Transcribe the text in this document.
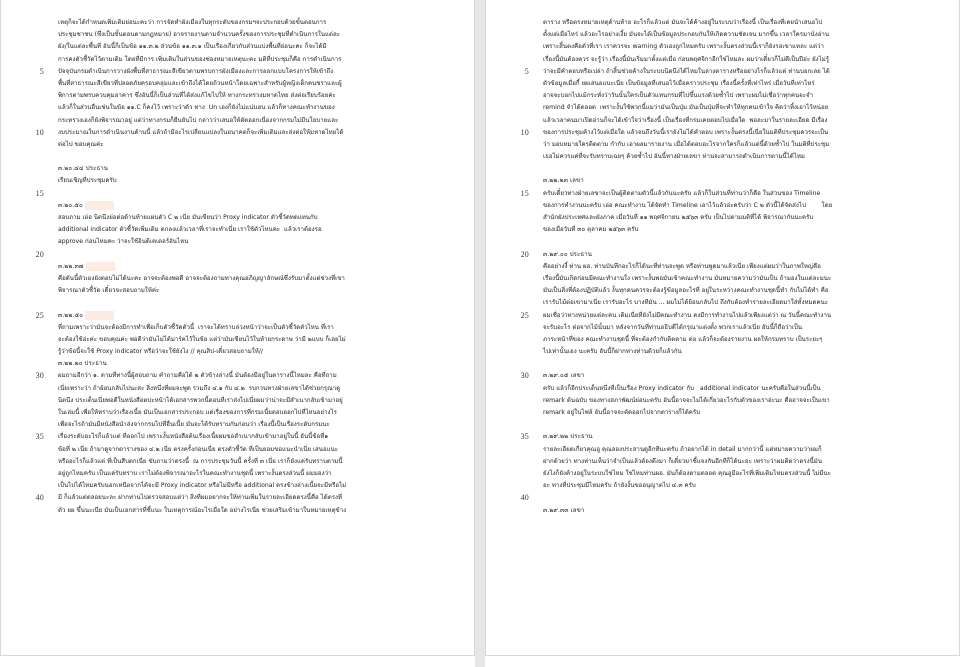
เหตุก็จะได้กำหนดเพิ่มเติมย่อนะคะว่า การจัดทำผังเมืองในทุกระดับของกรมฯจะประกอบด้วยขั้นตอนการ
ประชุมชาชน (ซึ่งเป็นขั้นตอนตามกฎหมาย) อาจรายงานตามจำนวนครั้งของการประชุมที่ดำเนินการในแต่ละ
ผัง/ในแต่ละพื้นที่ อันนี้ก็เป็นข้อ ๑๑.๓.๒ ส่วนข้อ ๑๑.๓.๑ เป็นเรื่องเกี่ยวกับส่วนแบ่งพื้นที่ย่อนะคะ ก็จะได้มี
การคงตัวชี้วัดไว้ตามเดิม โดยที่มีการ เพิ่มเติมในส่วนของช่องหมายเหตุนะคะ มติที่ประชุมก็คือ การดำเนินการ
5 ปัจจุบันกรมดำเนินการวางผังพื้นที่สาธารณะสีเขียวตามพรบการผังเมืองและการออกแบบโครงการให้เข้าถึง
พื้นที่สาธารณะสีเขียวที่ปลอดภัยครอบคลุมและเข้าถึงได้โดยถ้วนหน้าโดยเฉพาะสำหรับผู้หญิงเด็กคนชราและผู้
พิการตามพรบควบคุมอาคาร ซึ่งอันนี้ก็เป็นส่วนที่ได้ส่งแก้ไขไปให้ ทางกระทรวงมหาดไทย ส่งต่อเรียบร้อยค่ะ
แล้วก็ในส่วนอื่นเช่นในข้อ ๑๑.C ก็คงไว้ เพราะว่าตัว ทาง  Un เองก็ยังไม่แน่นอน แล้วก็ทางคณะทำงานของ
กระทรวงเองก็ยังพิจารณาอยู่ แต่ว่าทางกรมก็ยืนยันไป กล่าวว่าเสนอให้ตัดออกเนื่องจากกรมไม่มีนโยบายและ
10 งบประมาณในการดำเนินงานด้านนี้ แล้วถ้ามีอะไรเปลี่ยนแปลงในอนาคตก็จะเพิ่มเติมและส่งต่อให้มหาดไทยได้
ต่อไป ขอบคุณค่ะ
๓.๒๐.๔๔ ประธาน
เรียนเชิญที่ประชุมครับ
15
๓.๒๐.๕๐
สอบถาม เอ่อ นิดนึงย่อต่อด้านท้ายแผ่นตัว C ๒ เนี่ย มันเขียนว่า Proxy indicator ตัวชี้วัดทดแทนกับ
additional indicator ตัวชี้วัดเพิ่มเติม ตกลงแล้วเวลาที่เราจะทำเนี่ย เราใช้ตัวไหนคะ  แล้วเราต้องรอ
approve ก่อนไหมคะ ว่าจะใช้อินดิเคเตอร์อันไหน
20
๓.๒๒.๓๗
คือดันนี้ตัวเองยังตอบไม่ได้นะคะ อาจจะต้องพอดี อาจจะต้องถามทางคุณอภิญญาลักษณ์ซึ่งรับมาตั้งแต่ช่วงที่เขา
พิจารณาตัวชี้วัด เดี๋ยวจะสอบถามให้ค่ะ
25 ๓.๒๒.๕๐
ที่ถามเพราะว่ามันจะต้องมีการทำเพื่อเก็บตัวชี้วัดตัวนี้  เราจะได้ทราบล่วงหน้าว่าจะเป็นตัวชี้วัดตัวไหน ที่เรา
จะต้องใช้อ่ะค่ะ ขอบคุณค่ะ พอดีว่ามันไม่ได้มาร์คไว้ในข้อ แต่ว่ามันเขียนไว้ในท้ายกระดาษ ว่ามี ๒แบบ ก็เลยไม่
รู้ว่าข้อนี้จะใช้ Proxy indicator หรือว่าจะใช้ยังไง // คุณสิป-เดี๋ยวสอบถามให้//
๓.๒๒.๒๐ ประธาน
30 ผมถามอีกว่า ๑. ตามที่ทางนี้ผู้สอบถาม คำถามคือได้ ๒ ตัวข้างล่างนี้ มันต้องมีอยู่ในตารางนี้ไหมละ คือที่ถาม
เนี่ยเพราะว่า ถ้าย้อนกลับไปนะสะ สิ่งหนึ่งที่ผมจะพูด รวมถึง ๔.๑ กับ ๔.๒  รบกวนทางฝ่ายเลขาได้ช่วยกรุณาดู
นิดนึง ประเด็นเนี่ยพอดีในหนังสือตปะหน้าได้เอกสารพวกนี้ตอนที่เราส่งไปเนี่ยผมว่าน่าจะมีสำเนากลับเข้ามาอยู่
ในเล่มนี้ เพื่อให้ทราบว่าเรื่องเนี้ย มันเป็นเอกสารประกอบ แต่เรื่องของการที่กรมเนี้ยตอบออกไปที่ไหนอย่างไร
เพื่อจะไรถ้ามันมีหนังสือนำส่งจากกรมไปที่อื่นเนี้ย มันจะได้รับทราบกันก่อนว่า เรื่องนี้เป็นเรื่องระดับกรมนะ
35 เรื่องระดับอะไรก็แล้วแต่ ที่ออกไป เพราะงั้นหนังสือต้นเรื่องเนี้ยผมขอสำเนากลับเข้ามาอยู่ในนี้ อันนี้ข้อที่๑
ข้อที่ ๒ เนี่ย ถ้ามาดูจากตารางของ ๔.๒ เนี่ย ตรงครั้งก่อนเนี่ย ตรงตัวชี้วัด ที่เป็นยอมขอแนะนำเนี่ย เสนอแนะ
หรืออะไรก็แล้วแต่ ที่เป็นสืบตกเนี่ย ขับถามว่าตรงนี้  ณ การประชุมวันนี้ ครั้งที่ ๓ เนี่ย เราก็ยังแค่รับทราบตามนี้
อยู่ถูกไหมครับ เป็นแค่รับทราบ เราไม่ต้องพิจารณาอะไรในคณะทำงานชุดนี้ เพราะงั้นตรงส่วนนี้ ผมมองว่า
เป็นไปได้ไหมครับนอกเหนือจากได้จะมี Proxy indicator หรือไม่มีหรือ additional ตรงข้างล่างเนี้ยจะมีหรือไม่
40 มี ก็แล้วแต่ตลอยนะละ ฝากท่านไปตรวจสอบแต่ว่า สิ่งที่ผมอยากจะให้ท่านเพิ่มในรายละเอียดตรงนี้คือ ได้ตรงที่
ตัว ยผ ขึ้นนะเนี่ย มันเป็นเอกสารที่ชี้แนะ ในเหตุการณ์อะไรเมื่อใด อย่างไรเนี่ย ช่วยเสริมเข้ามาในหมายเหตุข้าง
ตาราง หรือตรงหมายเหตุด้านท้าย อะไรก็แล้วแต่ มันจะได้ค้างอยู่ในระบบว่าเรื่องนี้ เป็นเรื่องที่เคยนำเสนอไป
ตั้งแต่เมื่อไหร่ แล้วอะไรอย่างเงี้ย มันจะได้เป็นข้อมูลประกอบกันให้เกิดความชัดเจน มากขึ้น เวลาใครมานั่งอ่าน
เพราะสิ้นตงคือตัวที่เรา เราควรจะ warning ตัวเองถูกไหมครับ เพราะงั้นตรงส่วนนี้เราก็ยังรอเขาแหละ แต่ว่า
เรื่องนี้มันต้องควร จะรู้ว่า เรื่องนี้มันเริ่มมาตั้งแต่เมื่อ ก่อนพฤศจิกาอีกใช่ไหมละ ผมว่าเดี๋ยวก็ไม่ดีเป็นปีอ่ะ ยังไม่รู้
5 ว่าจะมีคำตอบหรือเปล่า ถ้าสิ้นช่วยค้างในระบบนิดนึงได้ไหมในล่างตารางหรืออย่างไรก็แล้วแต่ ท่านบอกเลย ได้
ตัวข้อมูลเมื่อกี้ ยผเสนอแนะเนี่ย เป็นข้อมูลที่เสนอไว้เมื่อคราวประชุม เรื่องนี้ครั้งที่เท่าไหร่ เมื่อวันที่เท่าไหร่
อาจจะบอกไปแม้กระทั่งว่าวันนั้นใครเป็นตัวแทนกรมที่ไปขึ้นแรงด้วยซ้ำไป เพราะผมไม่เชื่อว่าทุกคนจะจำ
remind จำได้ตลอด  เพราะงั้นใช้พวกนี้แมว่ามันเป็นปุ่ม มันเป็นปุ่มที่จะทำให้ทุกคนเข้าใจ คิดว่าทิ้งเอาไว้หน่อย
แล้วเวลาคนมาเปิดอ่านก็จะได้เข้าใจว่าเรื่องนี้ เป็นเรื่องที่กรมเคยตอบไปเมื่อใด  พอละมาในรายละเอียด มีเรื่อง
10 ของการประชุมค้างไว้แต่เมื่อใด แล้วจนถึงวันนี้เรายังไม่ได้คำตอบ เพราะงั้นตรงนี้เนี่ยในมติที่ประชุมควรจะเป็น
ว่า มอบหมายใครติดตาม กำกับ เอาผลมารายงาน เมื่อได้ตอบอะไรจากใครก็แล้วแต่นี้ด้วยซ้ำไป ในมติที่ประชุม
เธอไม่ควรแค่ที่จะรับทราบเฉยๆ ด้วยซ้ำไป อันนี้ทางฝ่ายเลขา ท่านจะสามารถดำเนินการตามนี้ได้ไหม
๓.๒๒.๒๓ เลขา
15 ครับเดี๋ยวทางฝ่ายเลขาจะเป็นผู้ติดตามตัวนี้แล้วกันนะครับ แล้วก็ในส่วนที่ท่านว่าก็คือ ในส่วนของ Timeline
ของการทำงานนะครับ เอ่อ คณะทำงาน ได้จัดทำ Timeline เอาไว้แล้วอ่ะครับว่า C ๒ ตัวนี้ได้จัดส่งไป        โดย
สำนักผังประเทศและผังภาค เมื่อวันที่ ๑๑ พฤศจิกายน ๒๕๖๓ ครับ เป็นไปตามมติที่ได้ พิจารณากันนะครับ
ของเมื่อวันที่ ๓๐ ตุลาคม ๒๕๖๓ ครับ
20 ๓.๒๙.๐๐ ประธาน
คืออย่างงี้ ท่าน ผอ. ท่านบันทึกอะไรก็ได้นะที่ท่านจะพูด หรือท่านพูดมาแล้วเนี่ย เพียงแต่ผมว่าในภาพใหญ่คือ
เรื่องนี้มันเกิดก่อนมีคณะทำงานใง เพราะงั้นพอมันเข้าคณะทำงาน มันหมายความว่ามันเป็น ถ้ามองในแต่ละมนะ
มันเป็นสิ่งที่ต้องปฏิบัติแล้ว งั้นทุกคนควรจะต้องรู้ข้อมูลอะไรที่ อยู่ในระหว่างคณะทำงานชุดนี้ทำ กับไม่ได้ทำ คือ
เรารับไม้ต่อเขามาเนี่ย เรารับอะไร บางทีมัน ... ผมไม่ได้ย้อนกลับไป ถึงกับต้องทำรายละเอียดมาใส่ทั้งหมดคนะ
25 ผมเชื่อว่าทางหน่วยแต่ละคน เดิมเนี่ยที่ยังไม่มีคณะทำงาน คงมีการทำงานไปแล้วเพียงแต่ว่า ณ วันนี้คณะทำงาน
จะรับอะไร ต่อจากไม้นั้นมา หลังจากวันที่ท่านอธิบดีได้กรุณาแต่งตั้ง พวกเราแล้วเนี่ย อันนี้ก็ถือว่าเป็น
ภาระหน้าที่ของ คณะทำงานชุดนี้ ที่จะต้องกำกับติดตาม ต่อ แล้วก็จะต้องรายงาน ผลให้กรมทราบ เป็นระยะๆ
ไปเท่านั้นเอง นะครับ อันนี้ก็ฝากทางท่านด้วยก็แล้วกัน
30 ๓.๒๙.๐๕ เลขา
ครับ แล้วก็อีกประเด็นหนึ่งที่เป็นเรื่อง Proxy indicator กับ   additional indicator นะครับคือในส่วนนี้เป็น
remark ต้นฉบับ ของทางสภาพัฒน์ย่อนะครับ อันนี้อาจจะไม่ได้เกี่ยวอะไรกับตัวของเราอ่ะนะ คืออาจจะเป็นเขา
remark อยู่ในไฟล์ อันนี้อาจจะตัดออกไปจากตารางก็ได้ครับ
35 ๓.๒๙.๒๒ ประธาน
รายละเอียดเกี่ยวคุณอู คุณลองประสานดูอีกทีนะครับ ถ้าอยากได้ in detail มากกว่านี้ แต่หมายความว่าผมก็
ฝากด้วยว่า ทางท่านเห็นว่าจำเป็นแล้วต้องดึงมา ก็เดี๋ยวมาชี้แจงกันอีกทีก็ได้นะอะ เพราะว่าผมติดว่าตรงนี้มัน
ยังไงก็ยังค้างอยู่ในระบบใช่ไหม ใช่ไหมท่านผอ. มันก็ต้องตามตลอด คุณอูมีอะไรที่เพิ่มเติมไหมตรงส่วนนี้ ไม่มีนะ
อะ ทางที่ประชุมมีไหมครับ ถ้ายังงั้นขออนุญาตไป ๔.๓ ครับ
40
๓.๒๙.๓๓ เลขา
